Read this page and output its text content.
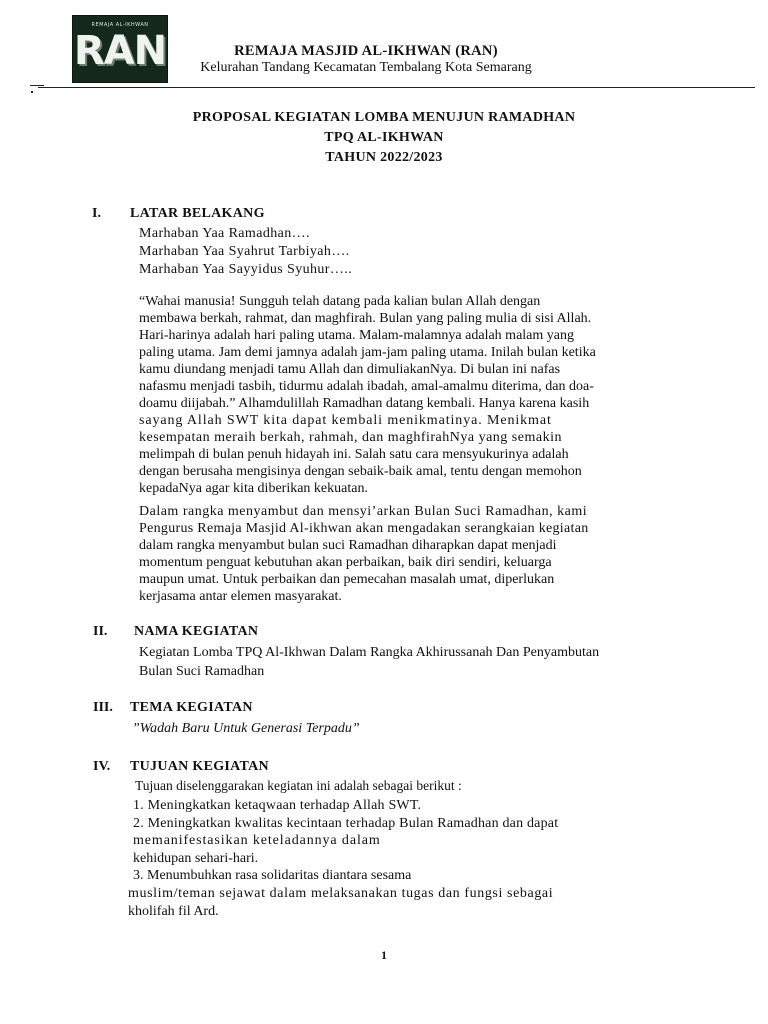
REMAJA AL-IKHWAN
RAN	REMAJA MASJID AL-IKHWAN (RAN)
Kelurahan Tandang Kecamatan Tembalang Kota Semarang
PROPOSAL KEGIATAN LOMBA MENUJUN RAMADHAN
TPQ AL-IKHWAN
TAHUN 2022/2023
I. LATAR BELAKANG
Marhaban Yaa Ramadhan….
Marhaban Yaa Syahrut Tarbiyah….
Marhaban Yaa Sayyidus Syuhur…..
“Wahai manusia! Sungguh telah datang pada kalian bulan Allah dengan
membawa berkah, rahmat, dan maghfirah. Bulan yang paling mulia di sisi Allah.
Hari-harinya adalah hari paling utama. Malam-malamnya adalah malam yang
paling utama. Jam demi jamnya adalah jam-jam paling utama. Inilah bulan ketika
kamu diundang menjadi tamu Allah dan dimuliakanNya. Di bulan ini nafas
nafasmu menjadi tasbih, tidurmu adalah ibadah, amal-amalmu diterima, dan doa-
doamu diijabah.” Alhamdulillah Ramadhan datang kembali. Hanya karena kasih
sayang Allah SWT kita dapat kembali menikmatinya. Menikmat
kesempatan meraih berkah, rahmah, dan maghfirahNya yang semakin
melimpah di bulan penuh hidayah ini. Salah satu cara mensyukurinya adalah
dengan berusaha mengisinya dengan sebaik-baik amal, tentu dengan memohon
kepadaNya agar kita diberikan kekuatan.
Dalam rangka menyambut dan mensyi’arkan Bulan Suci Ramadhan, kami
Pengurus Remaja Masjid Al-ikhwan akan mengadakan serangkaian kegiatan
dalam rangka menyambut bulan suci Ramadhan diharapkan dapat menjadi
momentum penguat kebutuhan akan perbaikan, baik diri sendiri, keluarga
maupun umat. Untuk perbaikan dan pemecahan masalah umat, diperlukan
kerjasama antar elemen masyarakat.
II. NAMA KEGIATAN
Kegiatan Lomba TPQ Al-Ikhwan Dalam Rangka Akhirussanah Dan Penyambutan
Bulan Suci Ramadhan
III. TEMA KEGIATAN
”Wadah Baru Untuk Generasi Terpadu”
IV. TUJUAN KEGIATAN
Tujuan diselenggarakan kegiatan ini adalah sebagai berikut :
1. Meningkatkan ketaqwaan terhadap Allah SWT.
2. Meningkatkan kwalitas kecintaan terhadap Bulan Ramadhan dan dapat
memanifestasikan keteladannya dalam
kehidupan sehari-hari.
3. Menumbuhkan rasa solidaritas diantara sesama
muslim/teman sejawat dalam melaksanakan tugas dan fungsi sebagai
kholifah fil Ard.
1
